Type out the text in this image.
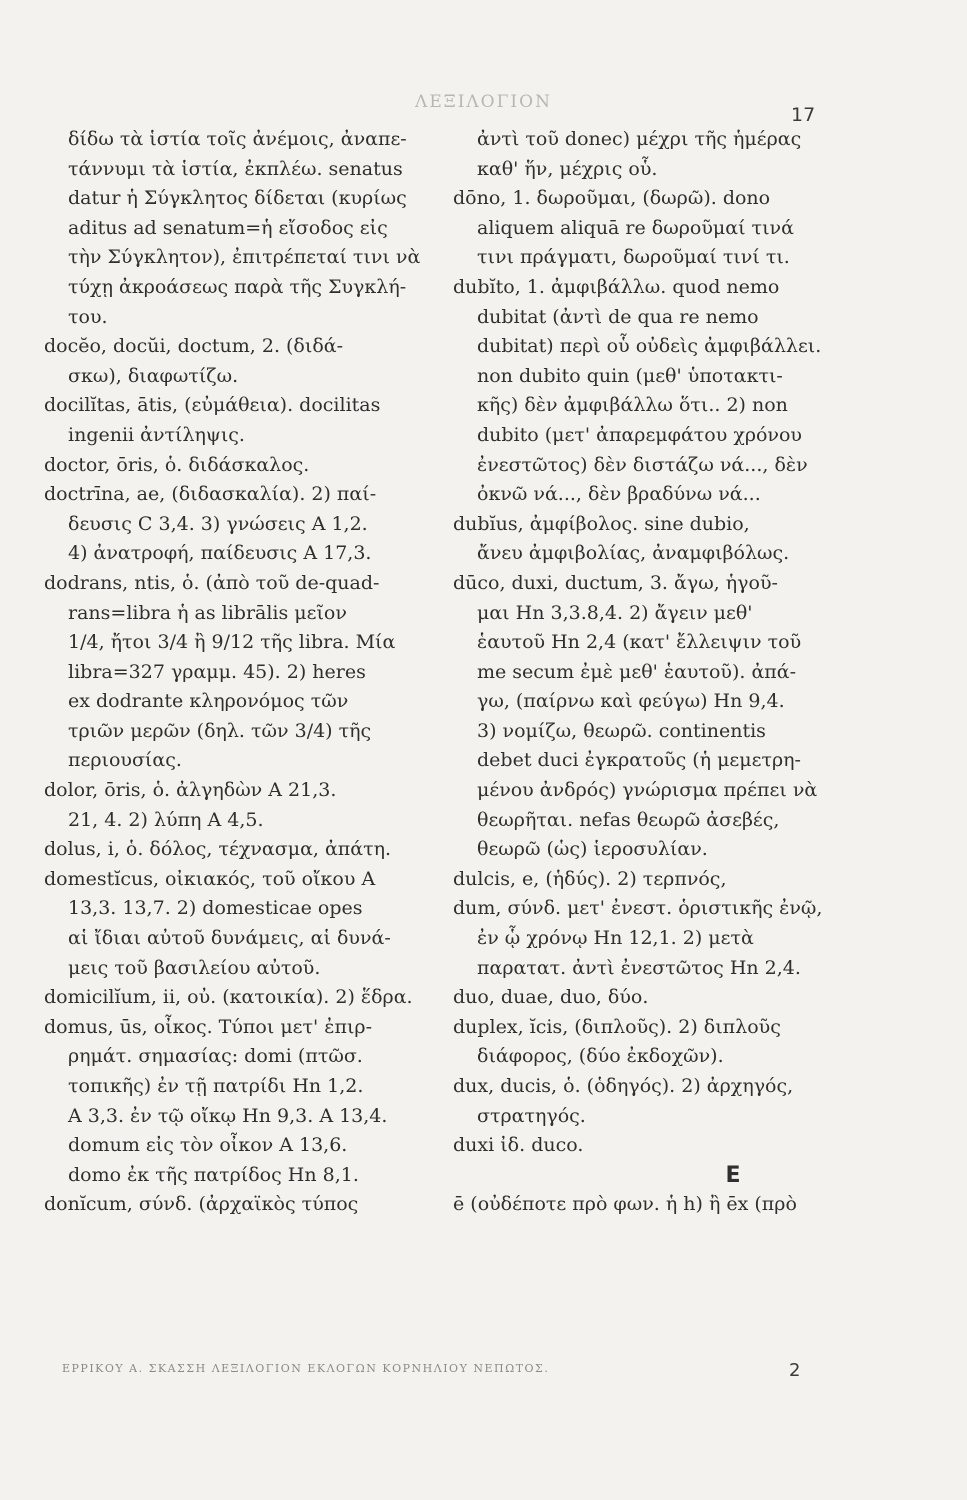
ΛΕΞΙΛΟΓΙΟΝ
17
δίδω τὰ ἱστία τοῖς ἀνέμοις, ἀναπε-
τάννυμι τὰ ἱστία, ἐκπλέω. senatus
datur ἡ Σύγκλητος δίδεται (κυρίως
aditus ad senatum=ἡ εἴσοδος εἰς
τὴν Σύγκλητον), ἐπιτρέπεταί τινι νὰ
τύχῃ ἀκροάσεως παρὰ τῆς Συγκλή-
του.
docĕo, docŭi, doctum, 2. (διδά-
σκω), διαφωτίζω.
docilĭtas, ātis, (εὐμάθεια). docilitas
ingenii ἀντίληψις.
doctor, ōris, ὁ. διδάσκαλος.
doctrīna, ae, (διδασκαλία). 2) παί-
δευσις C 3,4. 3) γνώσεις A 1,2.
4) ἀνατροφή, παίδευσις A 17,3.
dodrans, ntis, ὁ. (ἀπὸ τοῦ de-quad-
rans=libra ἡ as librālis μεῖον
1/4, ἤτοι 3/4 ἢ 9/12 τῆς libra. Μία
libra=327 γραμμ. 45). 2) heres
ex dodrante κληρονόμος τῶν
τριῶν μερῶν (δηλ. τῶν 3/4) τῆς
περιουσίας.
dolor, ōris, ὁ. ἀλγηδὼν A 21,3.
21, 4. 2) λύπη A 4,5.
dolus, i, ὁ. δόλος, τέχνασμα, ἀπάτη.
domestĭcus, οἰκιακός, τοῦ οἴκου A
13,3. 13,7. 2) domesticae opes
αἱ ἴδιαι αὐτοῦ δυνάμεις, αἱ δυνά-
μεις τοῦ βασιλείου αὐτοῦ.
domicilĭum, ii, οὐ. (κατοικία). 2) ἕδρα.
domus, ūs, οἶκος. Τύποι μετ' ἐπιρ-
ρημάτ. σημασίας: domi (πτῶσ.
τοπικῆς) ἐν τῇ πατρίδι Hn 1,2.
A 3,3. ἐν τῷ οἴκῳ Hn 9,3. A 13,4.
domum εἰς τὸν οἶκον A 13,6.
domo ἐκ τῆς πατρίδος Hn 8,1.
donĭcum, σύνδ. (ἀρχαϊκὸς τύπος
ἀντὶ τοῦ donec) μέχρι τῆς ἡμέρας
καθ' ἥν, μέχρις οὗ.
dōno, 1. δωροῦμαι, (δωρῶ). dono
aliquem aliquā re δωροῦμαί τινά
τινι πράγματι, δωροῦμαί τινί τι.
dubĭto, 1. ἀμφιβάλλω. quod nemo
dubitat (ἀντὶ de qua re nemo
dubitat) περὶ οὗ οὐδεὶς ἀμφιβάλλει.
non dubito quin (μεθ' ὑποτακτι-
κῆς) δὲν ἀμφιβάλλω ὅτι.. 2) non
dubito (μετ' ἀπαρεμφάτου χρόνου
ἐνεστῶτος) δὲν διστάζω νά..., δὲν
ὀκνῶ νά..., δὲν βραδύνω νά...
dubĭus, ἀμφίβολος. sine dubio,
ἄνευ ἀμφιβολίας, ἀναμφιβόλως.
dūco, duxi, ductum, 3. ἄγω, ἡγοῦ-
μαι Hn 3,3.8,4. 2) ἄγειν μεθ'
ἑαυτοῦ Hn 2,4 (κατ' ἔλλειψιν τοῦ
me secum ἐμὲ μεθ' ἑαυτοῦ). ἀπά-
γω, (παίρνω καὶ φεύγω) Hn 9,4.
3) νομίζω, θεωρῶ. continentis
debet duci ἐγκρατοῦς (ἡ μεμετρη-
μένου ἀνδρός) γνώρισμα πρέπει νὰ
θεωρῆται. nefas θεωρῶ ἀσεβές,
θεωρῶ (ὡς) ἱεροσυλίαν.
dulcis, e, (ἡδύς). 2) τερπνός,
dum, σύνδ. μετ' ἐνεστ. ὁριστικῆς ἐνῷ,
ἐν ᾧ χρόνῳ Hn 12,1. 2) μετὰ
παρατατ. ἀντὶ ἐνεστῶτος Hn 2,4.
duo, duae, duo, δύο.
duplex, ĭcis, (διπλοῦς). 2) διπλοῦς
διάφορος, (δύο ἐκδοχῶν).
dux, ducis, ὁ. (ὁδηγός). 2) ἀρχηγός,
στρατηγός.
duxi ἰδ. duco.
E
ē (οὐδέποτε πρὸ φων. ἡ h) ἢ ēx (πρὸ
ΕΡΡΙΚΟΥ Α. ΣΚΑΣΣΗ ΛΕΞΙΛΟΓΙΟΝ ΕΚΛΟΓΩΝ ΚΟΡΝΗΛΙΟΥ ΝΕΠΩΤΟΣ.	2
